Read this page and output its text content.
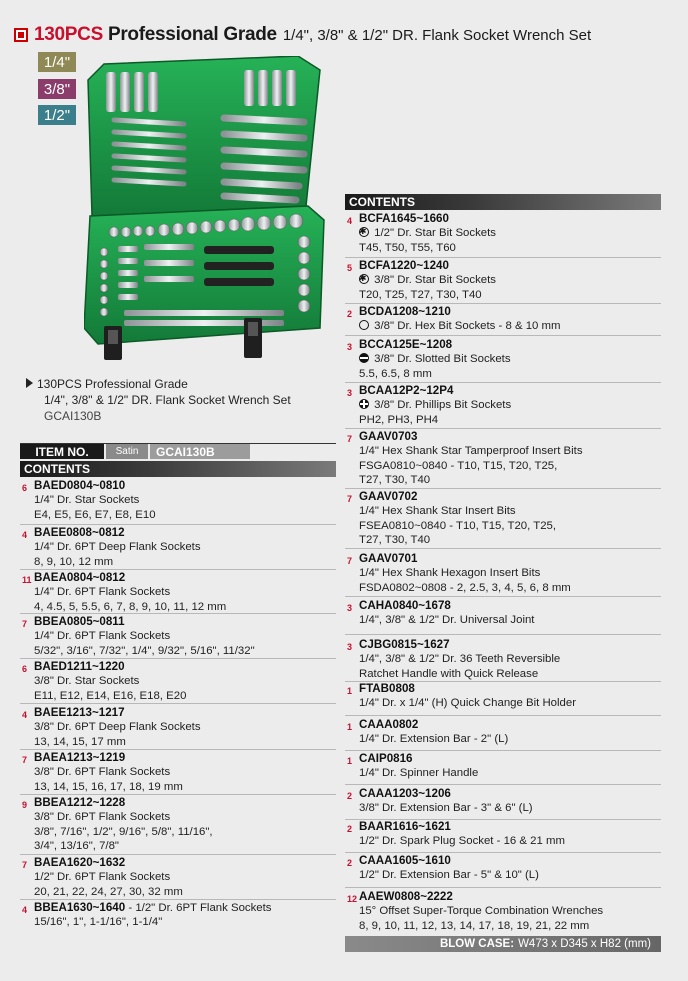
130PCS Professional Grade 1/4", 3/8" & 1/2" DR. Flank Socket Wrench Set
1/4"
3/8"
1/2"
130PCS Professional Grade
1/4", 3/8" & 1/2" DR. Flank Socket Wrench Set
GCAI130B
ITEM NO.	Satin	GCAI130B
CONTENTS
CONTENTS
6 BAED0804~0810
1/4" Dr. Star Sockets
E4, E5, E6, E7, E8, E10
4 BAEE0808~0812
1/4" Dr. 6PT Deep Flank Sockets
8, 9, 10, 12 mm
11 BAEA0804~0812
1/4" Dr. 6PT Flank Sockets
4, 4.5, 5, 5.5, 6, 7, 8, 9, 10, 11, 12 mm
7 BBEA0805~0811
1/4" Dr. 6PT Flank Sockets
5/32", 3/16", 7/32", 1/4", 9/32", 5/16", 11/32"
6 BAED1211~1220
3/8" Dr. Star Sockets
E11, E12, E14, E16, E18, E20
4 BAEE1213~1217
3/8" Dr. 6PT Deep Flank Sockets
13, 14, 15, 17 mm
7 BAEA1213~1219
3/8" Dr. 6PT Flank Sockets
13, 14, 15, 16, 17, 18, 19 mm
9 BBEA1212~1228
3/8" Dr. 6PT Flank Sockets
3/8", 7/16", 1/2", 9/16", 5/8", 11/16",
3/4", 13/16", 7/8"
7 BAEA1620~1632
1/2" Dr. 6PT Flank Sockets
20, 21, 22, 24, 27, 30, 32 mm
4 BBEA1630~1640 - 1/2" Dr. 6PT Flank Sockets
15/16", 1", 1-1/16", 1-1/4"
4 BCFA1645~1660
✱ 1/2" Dr. Star Bit Sockets
T45, T50, T55, T60
5 BCFA1220~1240
✱ 3/8" Dr. Star Bit Sockets
T20, T25, T27, T30, T40
2 BCDA1208~1210
3/8" Dr. Hex Bit Sockets - 8 & 10 mm
3 BCCA125E~1208
3/8" Dr. Slotted Bit Sockets
5.5, 6.5, 8 mm
3 BCAA12P2~12P4
3/8" Dr. Phillips Bit Sockets
PH2, PH3, PH4
7 GAAV0703
1/4" Hex Shank Star Tamperproof Insert Bits
FSGA0810~0840 - T10, T15, T20, T25,
T27, T30, T40
7 GAAV0702
1/4" Hex Shank Star Insert Bits
FSEA0810~0840 - T10, T15, T20, T25,
T27, T30, T40
7 GAAV0701
1/4" Hex Shank Hexagon Insert Bits
FSDA0802~0808 - 2, 2.5, 3, 4, 5, 6, 8 mm
3 CAHA0840~1678
1/4", 3/8" & 1/2" Dr. Universal Joint
3 CJBG0815~1627
1/4", 3/8" & 1/2" Dr. 36 Teeth Reversible
Ratchet Handle with Quick Release
1 FTAB0808
1/4" Dr. x 1/4" (H) Quick Change Bit Holder
1 CAAA0802
1/4" Dr. Extension Bar - 2" (L)
1 CAIP0816
1/4" Dr. Spinner Handle
2 CAAA1203~1206
3/8" Dr. Extension Bar - 3" & 6" (L)
2 BAAR1616~1621
1/2" Dr. Spark Plug Socket - 16 & 21 mm
2 CAAA1605~1610
1/2" Dr. Extension Bar - 5" & 10" (L)
12 AAEW0808~2222
15° Offset Super-Torque Combination Wrenches
8, 9, 10, 11, 12, 13, 14, 17, 18, 19, 21, 22 mm
BLOW CASE: W473 x D345 x H82 (mm)
